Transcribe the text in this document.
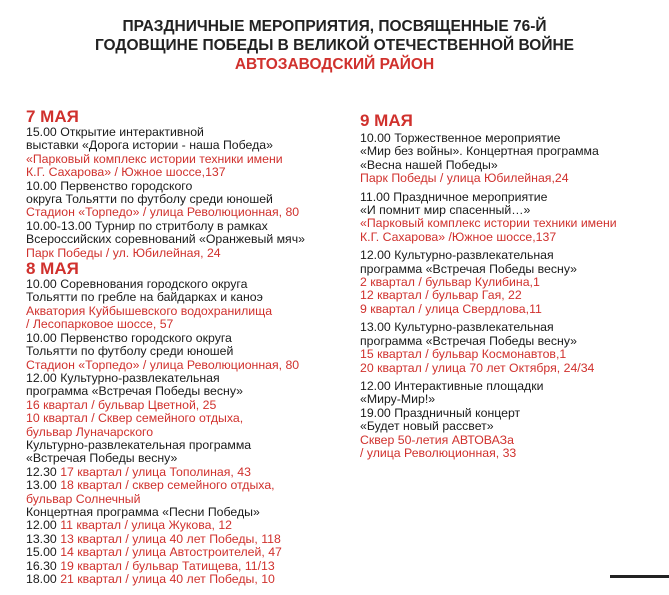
ПРАЗДНИЧНЫЕ МЕРОПРИЯТИЯ, ПОСВЯЩЕННЫЕ 76-Й
ГОДОВЩИНЕ ПОБЕДЫ В ВЕЛИКОЙ ОТЕЧЕСТВЕННОЙ ВОЙНЕ
АВТОЗАВОДСКИЙ РАЙОН
7 МАЯ
15.00 Открытие интерактивной
выставки «Дорога истории - наша Победа»
«Парковый комплекс истории техники имени
К.Г. Сахарова» / Южное шоссе,137
10.00 Первенство городского
округа Тольятти по футболу среди юношей
Стадион «Торпедо» / улица Революционная, 80
10.00-13.00 Турнир по стритболу в рамках
Всероссийских соревнований «Оранжевый мяч»
Парк Победы / ул. Юбилейная, 24
8 МАЯ
10.00 Соревнования городского округа
Тольятти по гребле на байдарках и каноэ
Акватория Куйбышевского водохранилища
/ Лесопарковое шоссе, 57
10.00 Первенство городского округа
Тольятти по футболу среди юношей
Стадион «Торпедо» / улица Революционная, 80
12.00 Культурно-развлекательная
программа «Встречая Победы весну»
16 квартал / бульвар Цветной, 25
10 квартал / Сквер семейного отдыха,
бульвар Луначарского
Культурно-развлекательная программа
«Встречая Победы весну»
12.30 17 квартал / улица Тополиная, 43
13.00 18 квартал / сквер семейного отдыха,
бульвар Солнечный
Концертная программа «Песни Победы»
12.00 11 квартал / улица Жукова, 12
13.30 13 квартал / улица 40 лет Победы, 118
15.00 14 квартал / улица Автостроителей, 47
16.30 19 квартал / бульвар Татищева, 11/13
18.00 21 квартал / улица 40 лет Победы, 10
9 МАЯ
10.00 Торжественное мероприятие
«Мир без войны». Концертная программа
«Весна нашей Победы»
Парк Победы / улица Юбилейная,24
11.00 Праздничное мероприятие
«И помнит мир спасенный…»
«Парковый комплекс истории техники имени
К.Г. Сахарова» /Южное шоссе,137
12.00 Культурно-развлекательная
программа «Встречая Победы весну»
2 квартал / бульвар Кулибина,1
12 квартал / бульвар Гая, 22
9 квартал / улица Свердлова,11
13.00 Культурно-развлекательная
программа «Встречая Победы весну»
15 квартал / бульвар Космонавтов,1
20 квартал / улица 70 лет Октября, 24/34
12.00 Интерактивные площадки
«Миру-Мир!»
19.00 Праздничный концерт
«Будет новый рассвет»
Сквер 50-летия АВТОВАЗа
/ улица Революционная, 33
